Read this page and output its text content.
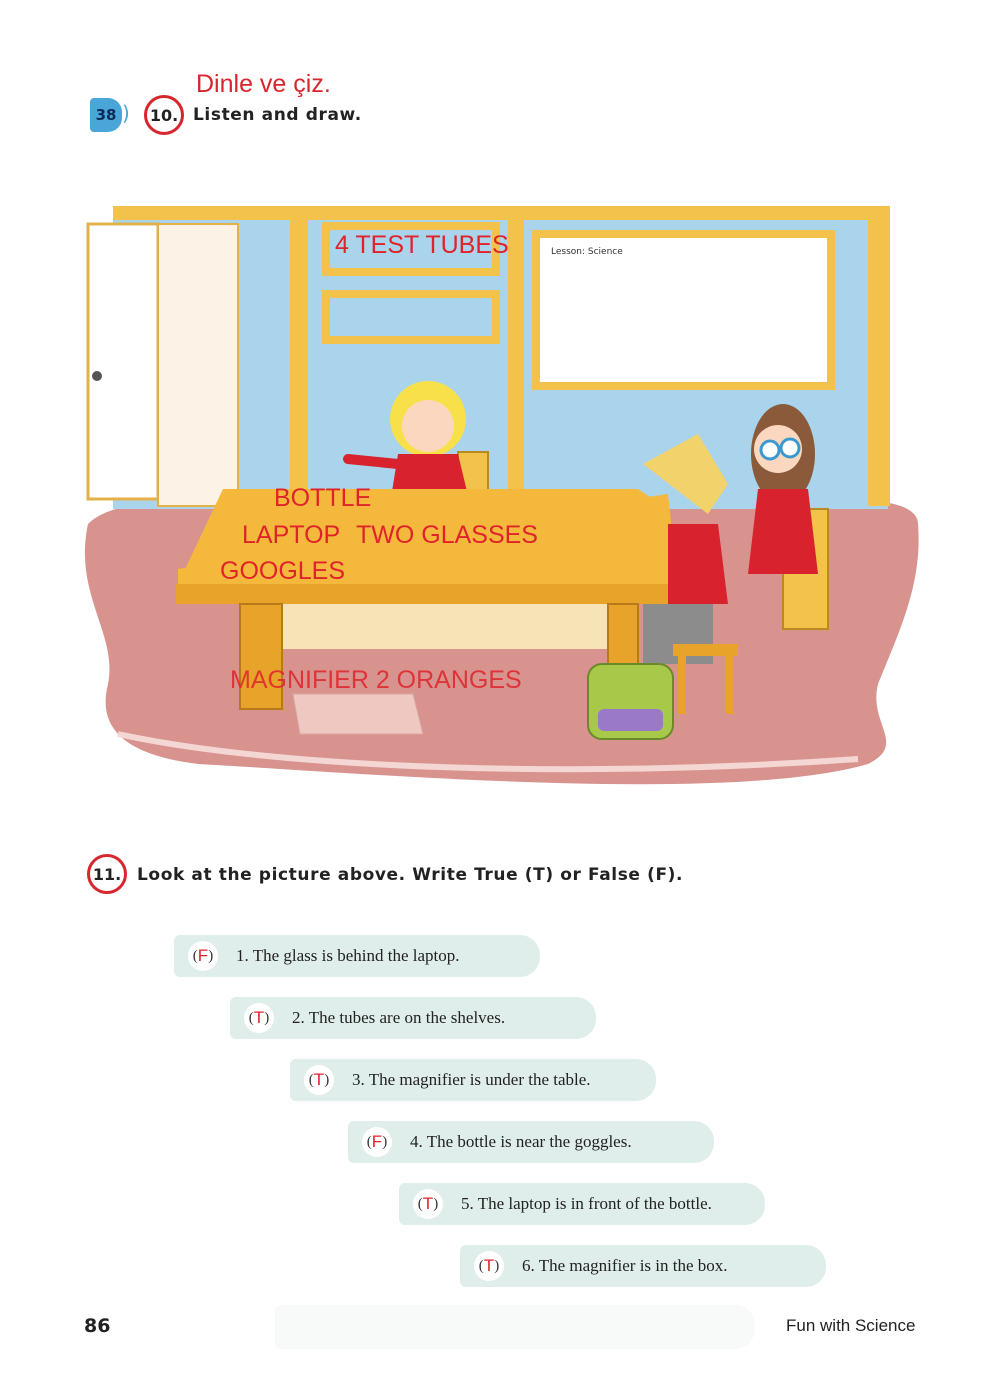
Dinle ve çiz.
38 )	10. Listen and draw.
Lesson: Science
4 TEST TUBES
BOTTLE
LAPTOP TWO GLASSES
GOOGLES
MAGNIFIER 2 ORANGES
11. Look at the picture above. Write True (T) or False (F).
( F ) 1. The glass is behind the laptop.
( T ) 2. The tubes are on the shelves.
( T ) 3. The magnifier is under the table.
( F ) 4. The bottle is near the goggles.
( T ) 5. The laptop is in front of the bottle.
( T ) 6. The magnifier is in the box.
86	Fun with Science
